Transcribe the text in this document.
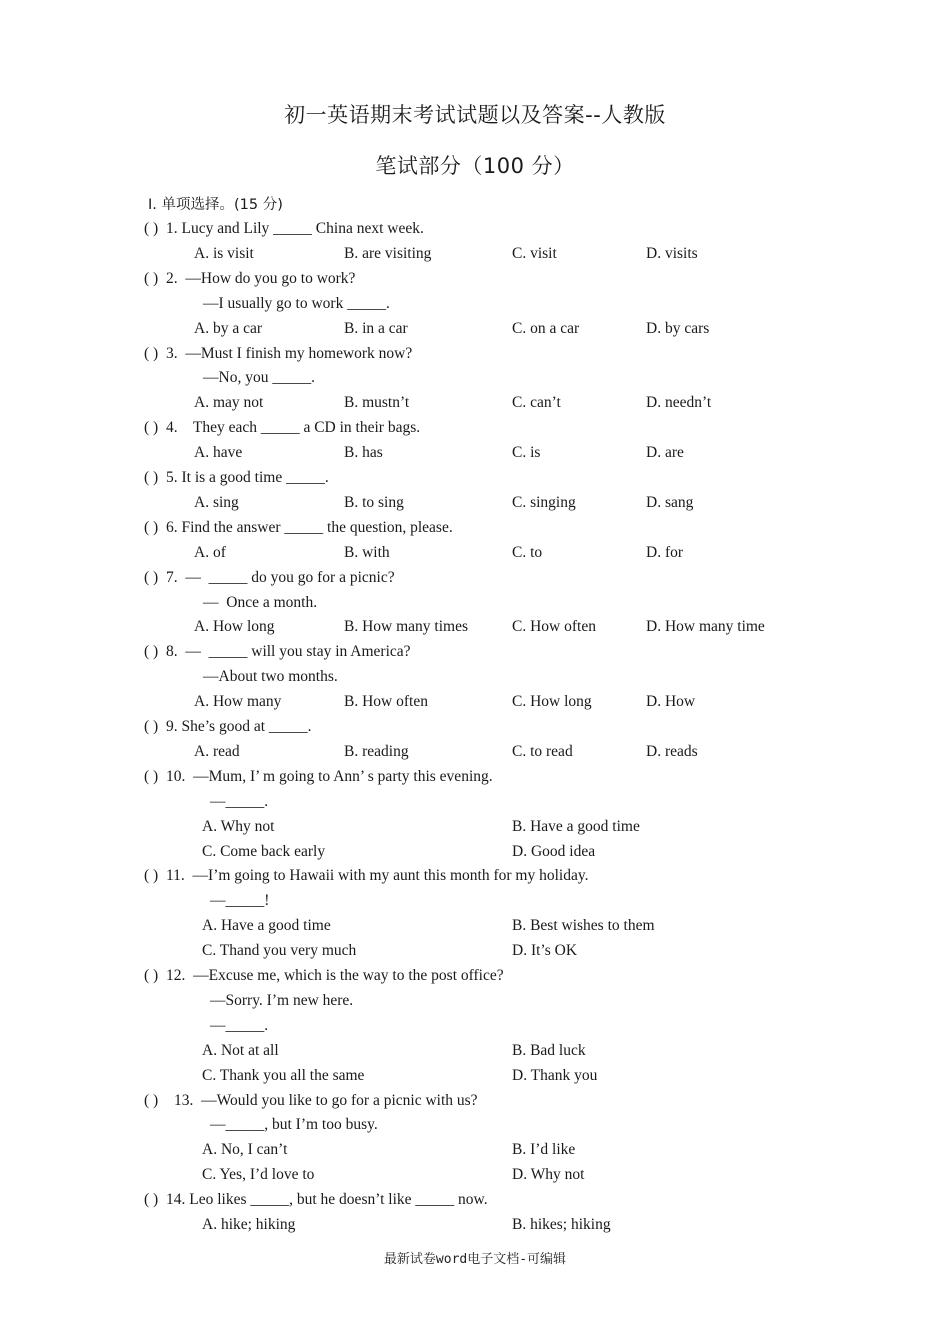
初一英语期末考试试题以及答案--人教版
笔试部分（100 分）
Ⅰ. 单项选择。(15 分)
( ) 1. Lucy and Lily _____ China next week.
A. is visit	B. are visiting	C. visit	D. visits
( ) 2.  —How do you go to work?
—I usually go to work _____.
A. by a car	B. in a car	C. on a car	D. by cars
( ) 3.  —Must I finish my homework now?
—No, you _____.
A. may not	B. mustn’t	C. can’t	D. needn’t
( ) 4.    They each _____ a CD in their bags.
A. have	B. has	C. is	D. are
( ) 5. It is a good time _____.
A. sing	B. to sing	C. singing	D. sang
( ) 6. Find the answer _____ the question, please.
A. of	B. with	C. to	D. for
( ) 7.  —  _____ do you go for a picnic?
—  Once a month.
A. How long	B. How many times	C. How often	D. How many time
( ) 8.  —  _____ will you stay in America?
—About two months.
A. How many	B. How often	C. How long	D. How
( ) 9. She’s good at _____.
A. read	B. reading	C. to read	D. reads
( ) 10.  —Mum, I’ m going to Ann’ s party this evening.
—_____.
A. Why not	B. Have a good time
C. Come back early	D. Good idea
( ) 11.  —I’m going to Hawaii with my aunt this month for my holiday.
—_____!
A. Have a good time	B. Best wishes to them
C. Thand you very much	D. It’s OK
( ) 12.  —Excuse me, which is the way to the post office?
—Sorry. I’m new here.
—_____.
A. Not at all	B. Bad luck
C. Thank you all the same	D. Thank you
( ) 13.  —Would you like to go for a picnic with us?
—_____, but I’m too busy.
A. No, I can’t	B. I’d like
C. Yes, I’d love to	D. Why not
( ) 14. Leo likes _____, but he doesn’t like _____ now.
A. hike; hiking	B. hikes; hiking
最新试卷word电子文档-可编辑
